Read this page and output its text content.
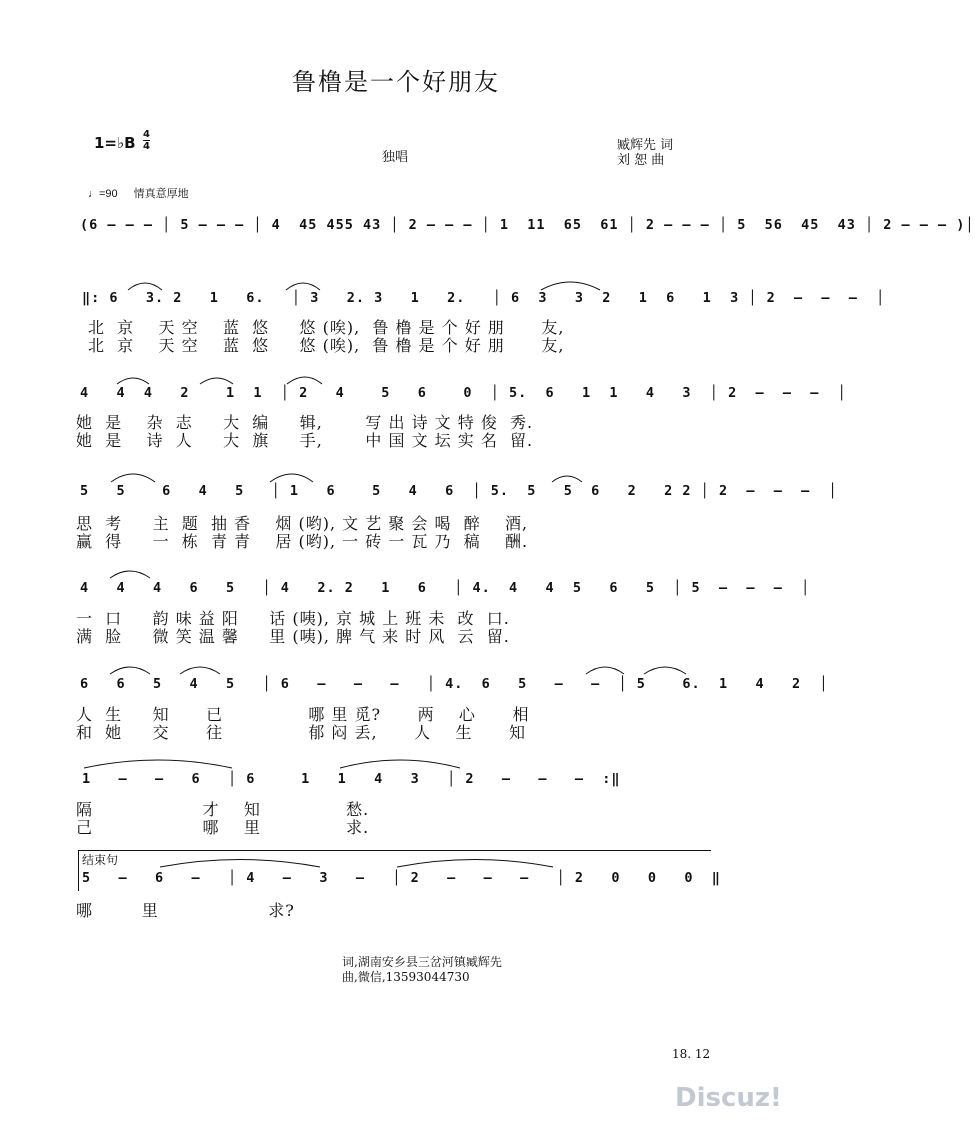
鲁橹是一个好朋友
1=♭B 4
4
独唱
臧辉先 词
刘 恕 曲
♩=90 情真意厚地
(6 – – – │ 5 – – – │ 4  45 455 43 │ 2 – – – │ 1  11  65  61 │ 2 – – – │ 5  56  45  43 │ 2 – – – )│
‖: 6   3. 2   1   6.   │ 3   2. 3   1   2.   │ 6  3   3  2   1  6   1  3 │ 2  –  –  –  │
北  京    天 空    蓝  悠     悠 (唉),  鲁 橹 是 个 好 朋      友,
北  京    天 空    蓝  悠     悠 (唉),  鲁 橹 是 个 好 朋      友,
4   4  4   2    1  1  │ 2   4    5   6    0  │ 5.  6   1  1   4   3  │ 2  –  –  –  │
她  是    杂  志     大  编     辑,       写 出 诗 文 特 俊  秀.
她  是    诗  人     大  旗     手,       中 国 文 坛 实 名  留.
5   5    6   4   5   │ 1   6    5   4   6  │ 5.  5   5  6   2   2 2 │ 2  –  –  –  │
思  考     主  题  抽 香    烟 (哟), 文 艺 聚 会 喝  醉    酒,
赢  得     一  栋  青 青    居 (哟), 一 砖 一 瓦 乃  稿    酬.
4   4   4   6   5   │ 4   2. 2   1   6   │ 4.  4   4  5   6   5  │ 5  –  –  –  │
一  口     韵 味 益 阳     话 (咦), 京 城 上 班 未  改  口.
满  脸     微 笑 温 馨     里 (咦), 脾 气 来 时 风  云  留.
6   6   5   4   5   │ 6   –   –   –   │ 4.  6   5   –   –  │ 5    6.  1   4   2  │
人  生     知      已              哪 里 觅?      两    心      相
和  她     交      往              郁 闷 丢,      人    生      知
1   –   –   6   │ 6     1   1   4   3   │ 2   –   –   –  :‖
隔                  才    知              愁.
己                  哪    里              求.
结束句
5   –   6   –   │ 4   –   3   –   │ 2   –   –   –   │ 2   0   0   0  ‖
哪        里                  求?
词,湖南安乡县三岔河镇臧辉先
曲,微信,13593044730
18. 12
Discuz!
